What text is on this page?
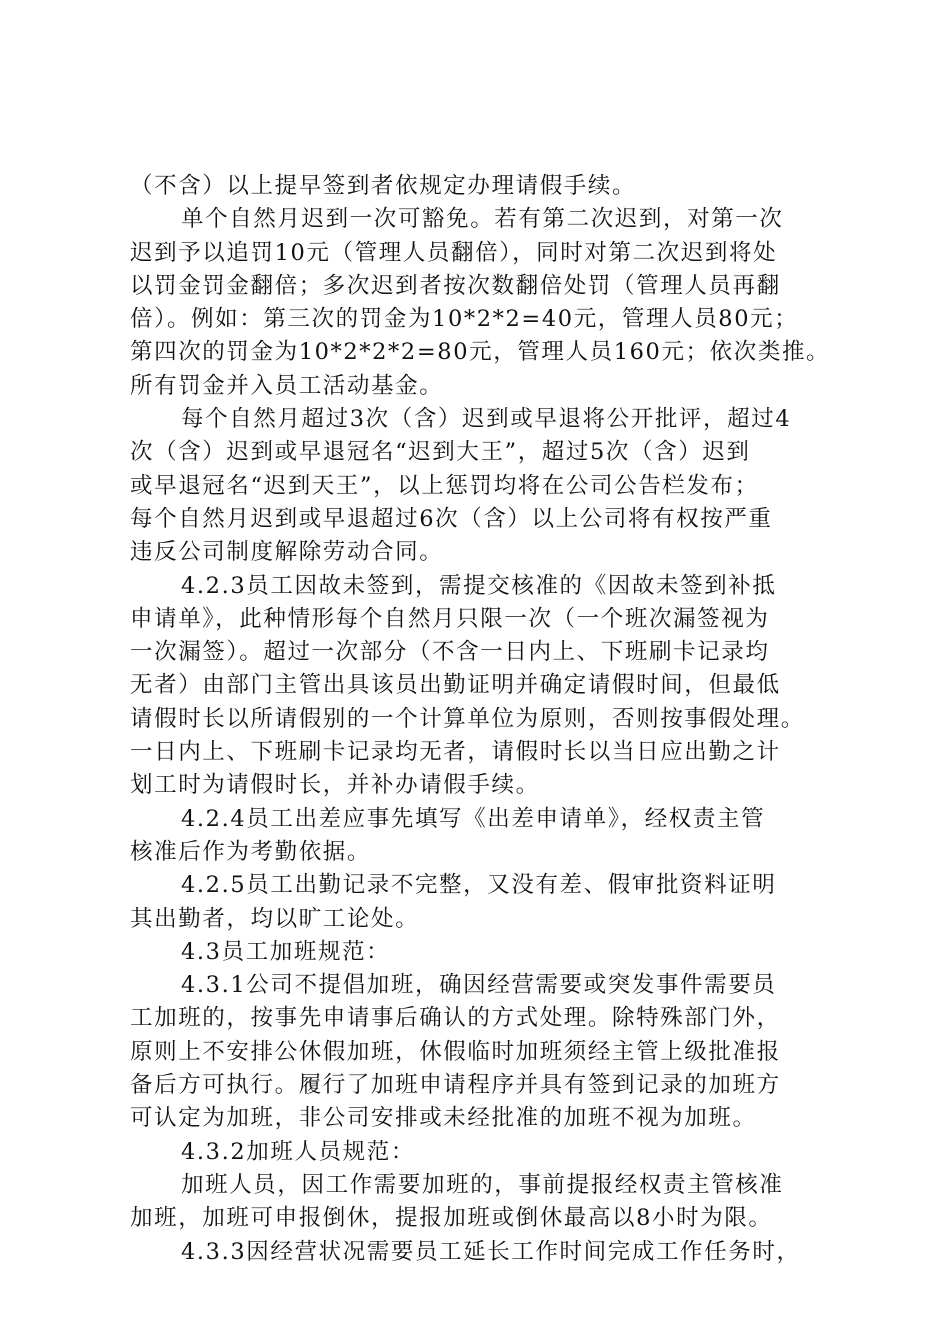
（不含）以上提早签到者依规定办理请假手续。
单个自然月迟到一次可豁免。若有第二次迟到，对第一次
迟到予以追罚10元（管理人员翻倍），同时对第二次迟到将处
以罚金罚金翻倍；多次迟到者按次数翻倍处罚（管理人员再翻
倍）。例如：第三次的罚金为10*2*2=40元，管理人员80元；
第四次的罚金为10*2*2*2=80元，管理人员160元；依次类推。
所有罚金并入员工活动基金。
每个自然月超过3次（含）迟到或早退将公开批评，超过4
次（含）迟到或早退冠名“迟到大王”，超过5次（含）迟到
或早退冠名“迟到天王”，以上惩罚均将在公司公告栏发布；
每个自然月迟到或早退超过6次（含）以上公司将有权按严重
违反公司制度解除劳动合同。
4.2.3员工因故未签到，需提交核准的《因故未签到补抵
申请单》，此种情形每个自然月只限一次（一个班次漏签视为
一次漏签）。超过一次部分（不含一日内上、下班刷卡记录均
无者）由部门主管出具该员出勤证明并确定请假时间，但最低
请假时长以所请假别的一个计算单位为原则，否则按事假处理。
一日内上、下班刷卡记录均无者，请假时长以当日应出勤之计
划工时为请假时长，并补办请假手续。
4.2.4员工出差应事先填写《出差申请单》，经权责主管
核准后作为考勤依据。
4.2.5员工出勤记录不完整，又没有差、假审批资料证明
其出勤者，均以旷工论处。
4.3员工加班规范：
4.3.1公司不提倡加班，确因经营需要或突发事件需要员
工加班的，按事先申请事后确认的方式处理。除特殊部门外，
原则上不安排公休假加班，休假临时加班须经主管上级批准报
备后方可执行。履行了加班申请程序并具有签到记录的加班方
可认定为加班，非公司安排或未经批准的加班不视为加班。
4.3.2加班人员规范：
加班人员，因工作需要加班的，事前提报经权责主管核准
加班，加班可申报倒休，提报加班或倒休最高以8小时为限。
4.3.3因经营状况需要员工延长工作时间完成工作任务时，
